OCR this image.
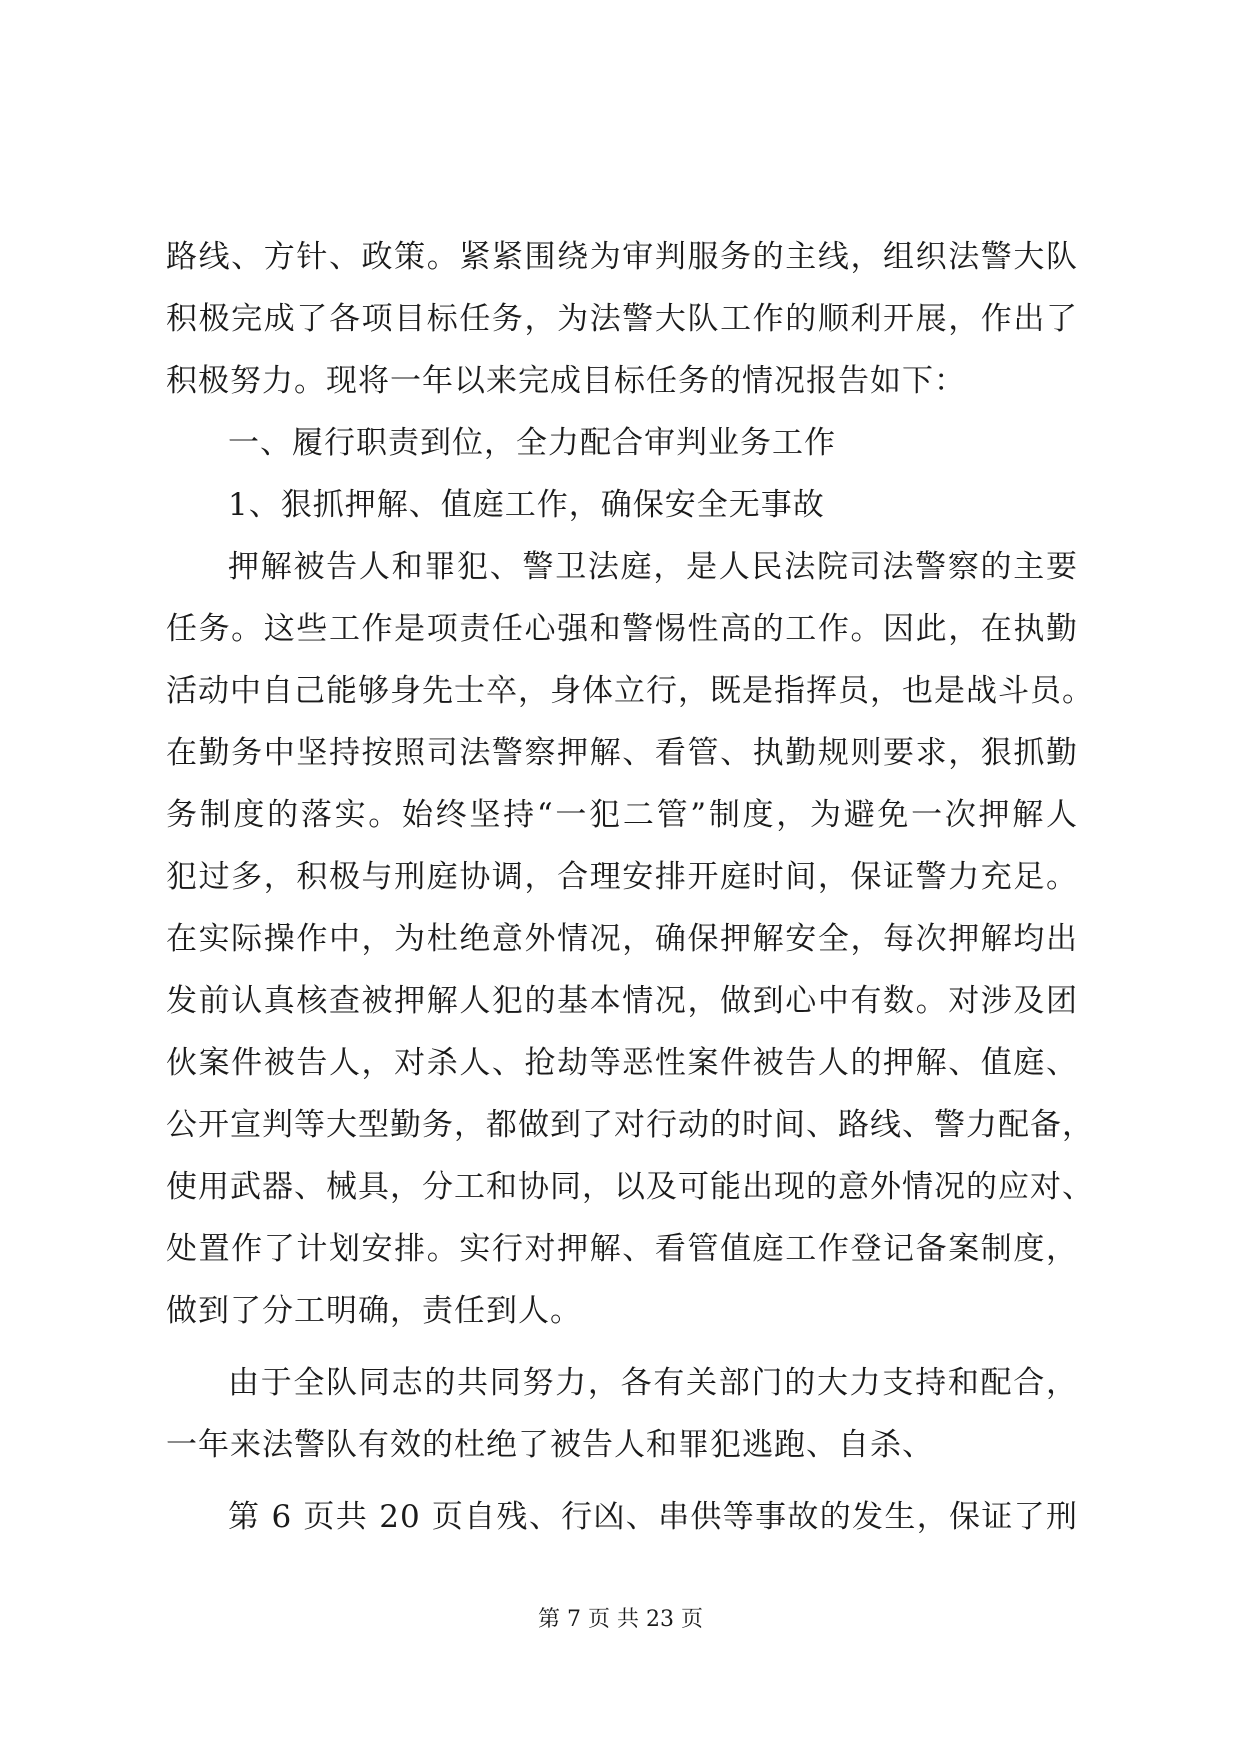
路线、方针、政策。紧紧围绕为审判服务的主线，组织法警大队
积极完成了各项目标任务，为法警大队工作的顺利开展，作出了
积极努力。现将一年以来完成目标任务的情况报告如下：
一、履行职责到位，全力配合审判业务工作
1、狠抓押解、值庭工作，确保安全无事故
押解被告人和罪犯、警卫法庭，是人民法院司法警察的主要
任务。这些工作是项责任心强和警惕性高的工作。因此，在执勤
活动中自己能够身先士卒，身体立行，既是指挥员，也是战斗员。
在勤务中坚持按照司法警察押解、看管、执勤规则要求，狠抓勤
务制度的落实。始终坚持“一犯二管”制度，为避免一次押解人
犯过多，积极与刑庭协调，合理安排开庭时间，保证警力充足。
在实际操作中，为杜绝意外情况，确保押解安全，每次押解均出
发前认真核查被押解人犯的基本情况，做到心中有数。对涉及团
伙案件被告人，对杀人、抢劫等恶性案件被告人的押解、值庭、
公开宣判等大型勤务，都做到了对行动的时间、路线、警力配备，
使用武器、械具，分工和协同，以及可能出现的意外情况的应对、
处置作了计划安排。实行对押解、看管值庭工作登记备案制度，
做到了分工明确，责任到人。
由于全队同志的共同努力，各有关部门的大力支持和配合，
一年来法警队有效的杜绝了被告人和罪犯逃跑、自杀、
第 6 页共 20 页自残、行凶、串供等事故的发生，保证了刑
第 7 页 共 23 页
